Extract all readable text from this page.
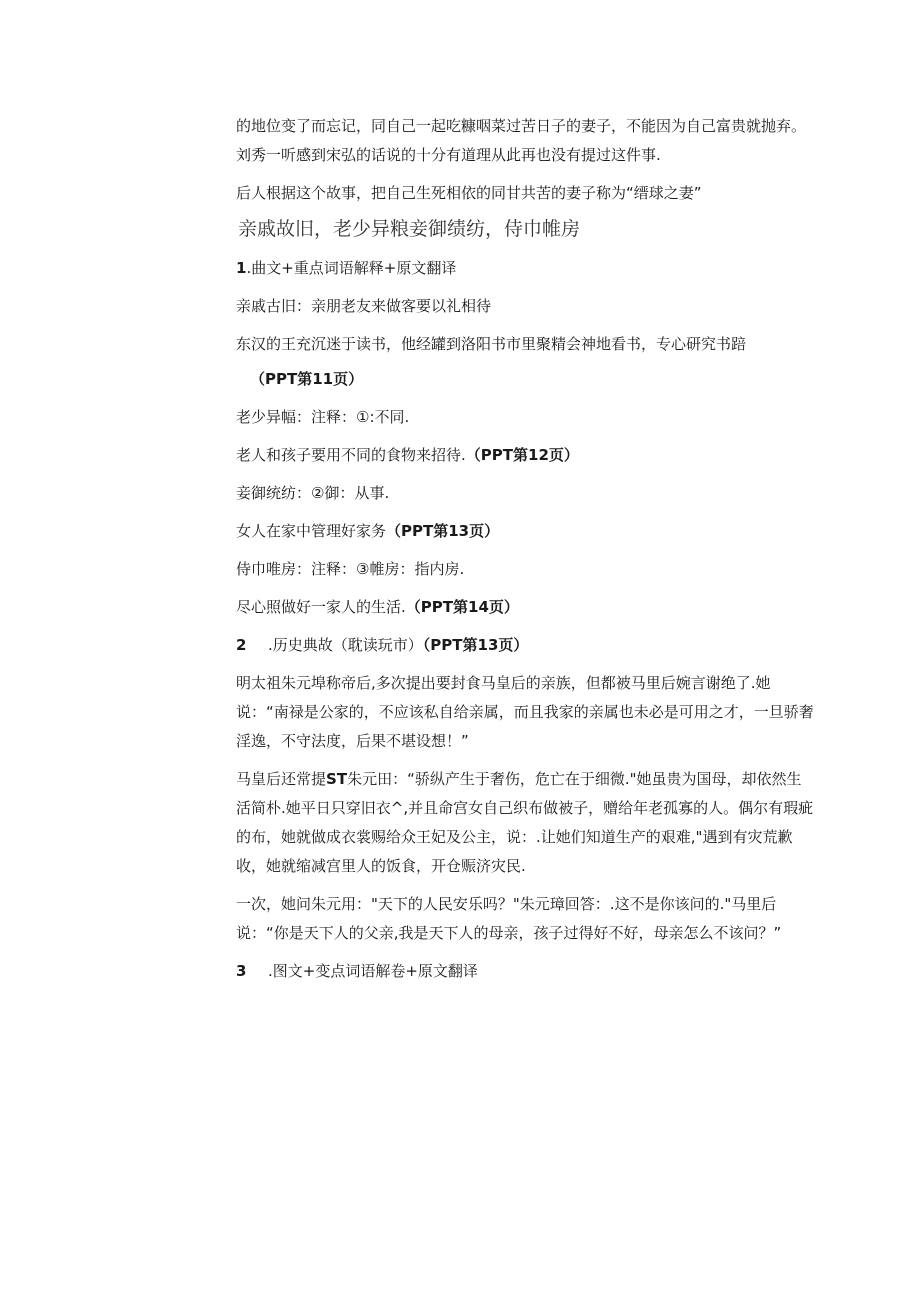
的地位变了而忘记，同自己一起吃糠咽菜过苦日子的妻子，不能因为自己富贵就抛弃。刘秀一听感到宋弘的话说的十分有道理从此再也没有提过这件事.

后人根据这个故事，把自己生死相依的同甘共苦的妻子称为“缙球之妻”

亲戚故旧，老少异粮妾御绩纺，侍巾帷房

1.曲文+重点词语解释+原文翻译

亲戚古旧：亲朋老友来做客要以礼相待

东汉的王充沉迷于读书，他经罐到洛阳书市里聚精会神地看书，专心研究书踣

（PPT第11页）

老少异幅：注释：①:不同.

老人和孩子要用不同的食物来招待.（PPT第12页）

妾御统纺：②御：从事.

女人在家中管理好家务（PPT第13页）

侍巾唯房：注释：③帷房：指内房.

尽心照做好一家人的生活.（PPT第14页）

2 .历史典故（耽读玩市）（PPT第13页）

明太祖朱元埠称帝后,多次提出要封食马皇后的亲族，但都被马里后婉言谢绝了.她说：“南禄是公家的，不应该私自给亲属，而且我家的亲属也未必是可用之才，一旦骄奢淫逸，不守法度，后果不堪设想！”

马皇后还常提ST朱元田：“骄纵产生于奢伤，危亡在于细微."她虽贵为国母，却依然生活简朴.她平日只穿旧衣^,并且命宫女自己织布做被子，赠给年老孤寡的人。偶尔有瑕疵的布，她就做成衣裳赐给众王妃及公主，说：.让她们知道生产的艰难,"遇到有灾荒歉收，她就缩减宫里人的饭食，开仓赈济灾民.

一次，她问朱元用："天下的人民安乐吗？"朱元璋回答：.这不是你该问的."马里后说：“你是天下人的父亲,我是天下人的母亲，孩子过得好不好，母亲怎么不该问？”

3 .图文+变点词语解卷+原文翻译
